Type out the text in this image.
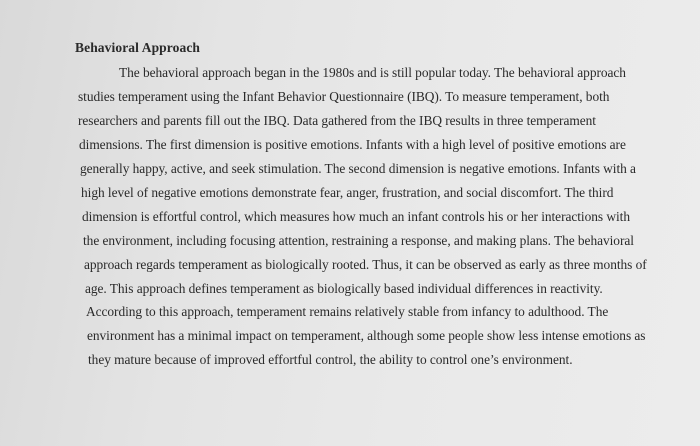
Behavioral Approach
The behavioral approach began in the 1980s and is still popular today. The behavioral approach
studies temperament using the Infant Behavior Questionnaire (IBQ). To measure temperament, both
researchers and parents fill out the IBQ. Data gathered from the IBQ results in three temperament
dimensions. The first dimension is positive emotions. Infants with a high level of positive emotions are
generally happy, active, and seek stimulation. The second dimension is negative emotions. Infants with a
high level of negative emotions demonstrate fear, anger, frustration, and social discomfort. The third
dimension is effortful control, which measures how much an infant controls his or her interactions with
the environment, including focusing attention, restraining a response, and making plans. The behavioral
approach regards temperament as biologically rooted. Thus, it can be observed as early as three months of
age. This approach defines temperament as biologically based individual differences in reactivity.
According to this approach, temperament remains relatively stable from infancy to adulthood. The
environment has a minimal impact on temperament, although some people show less intense emotions as
they mature because of improved effortful control, the ability to control one’s environment.
